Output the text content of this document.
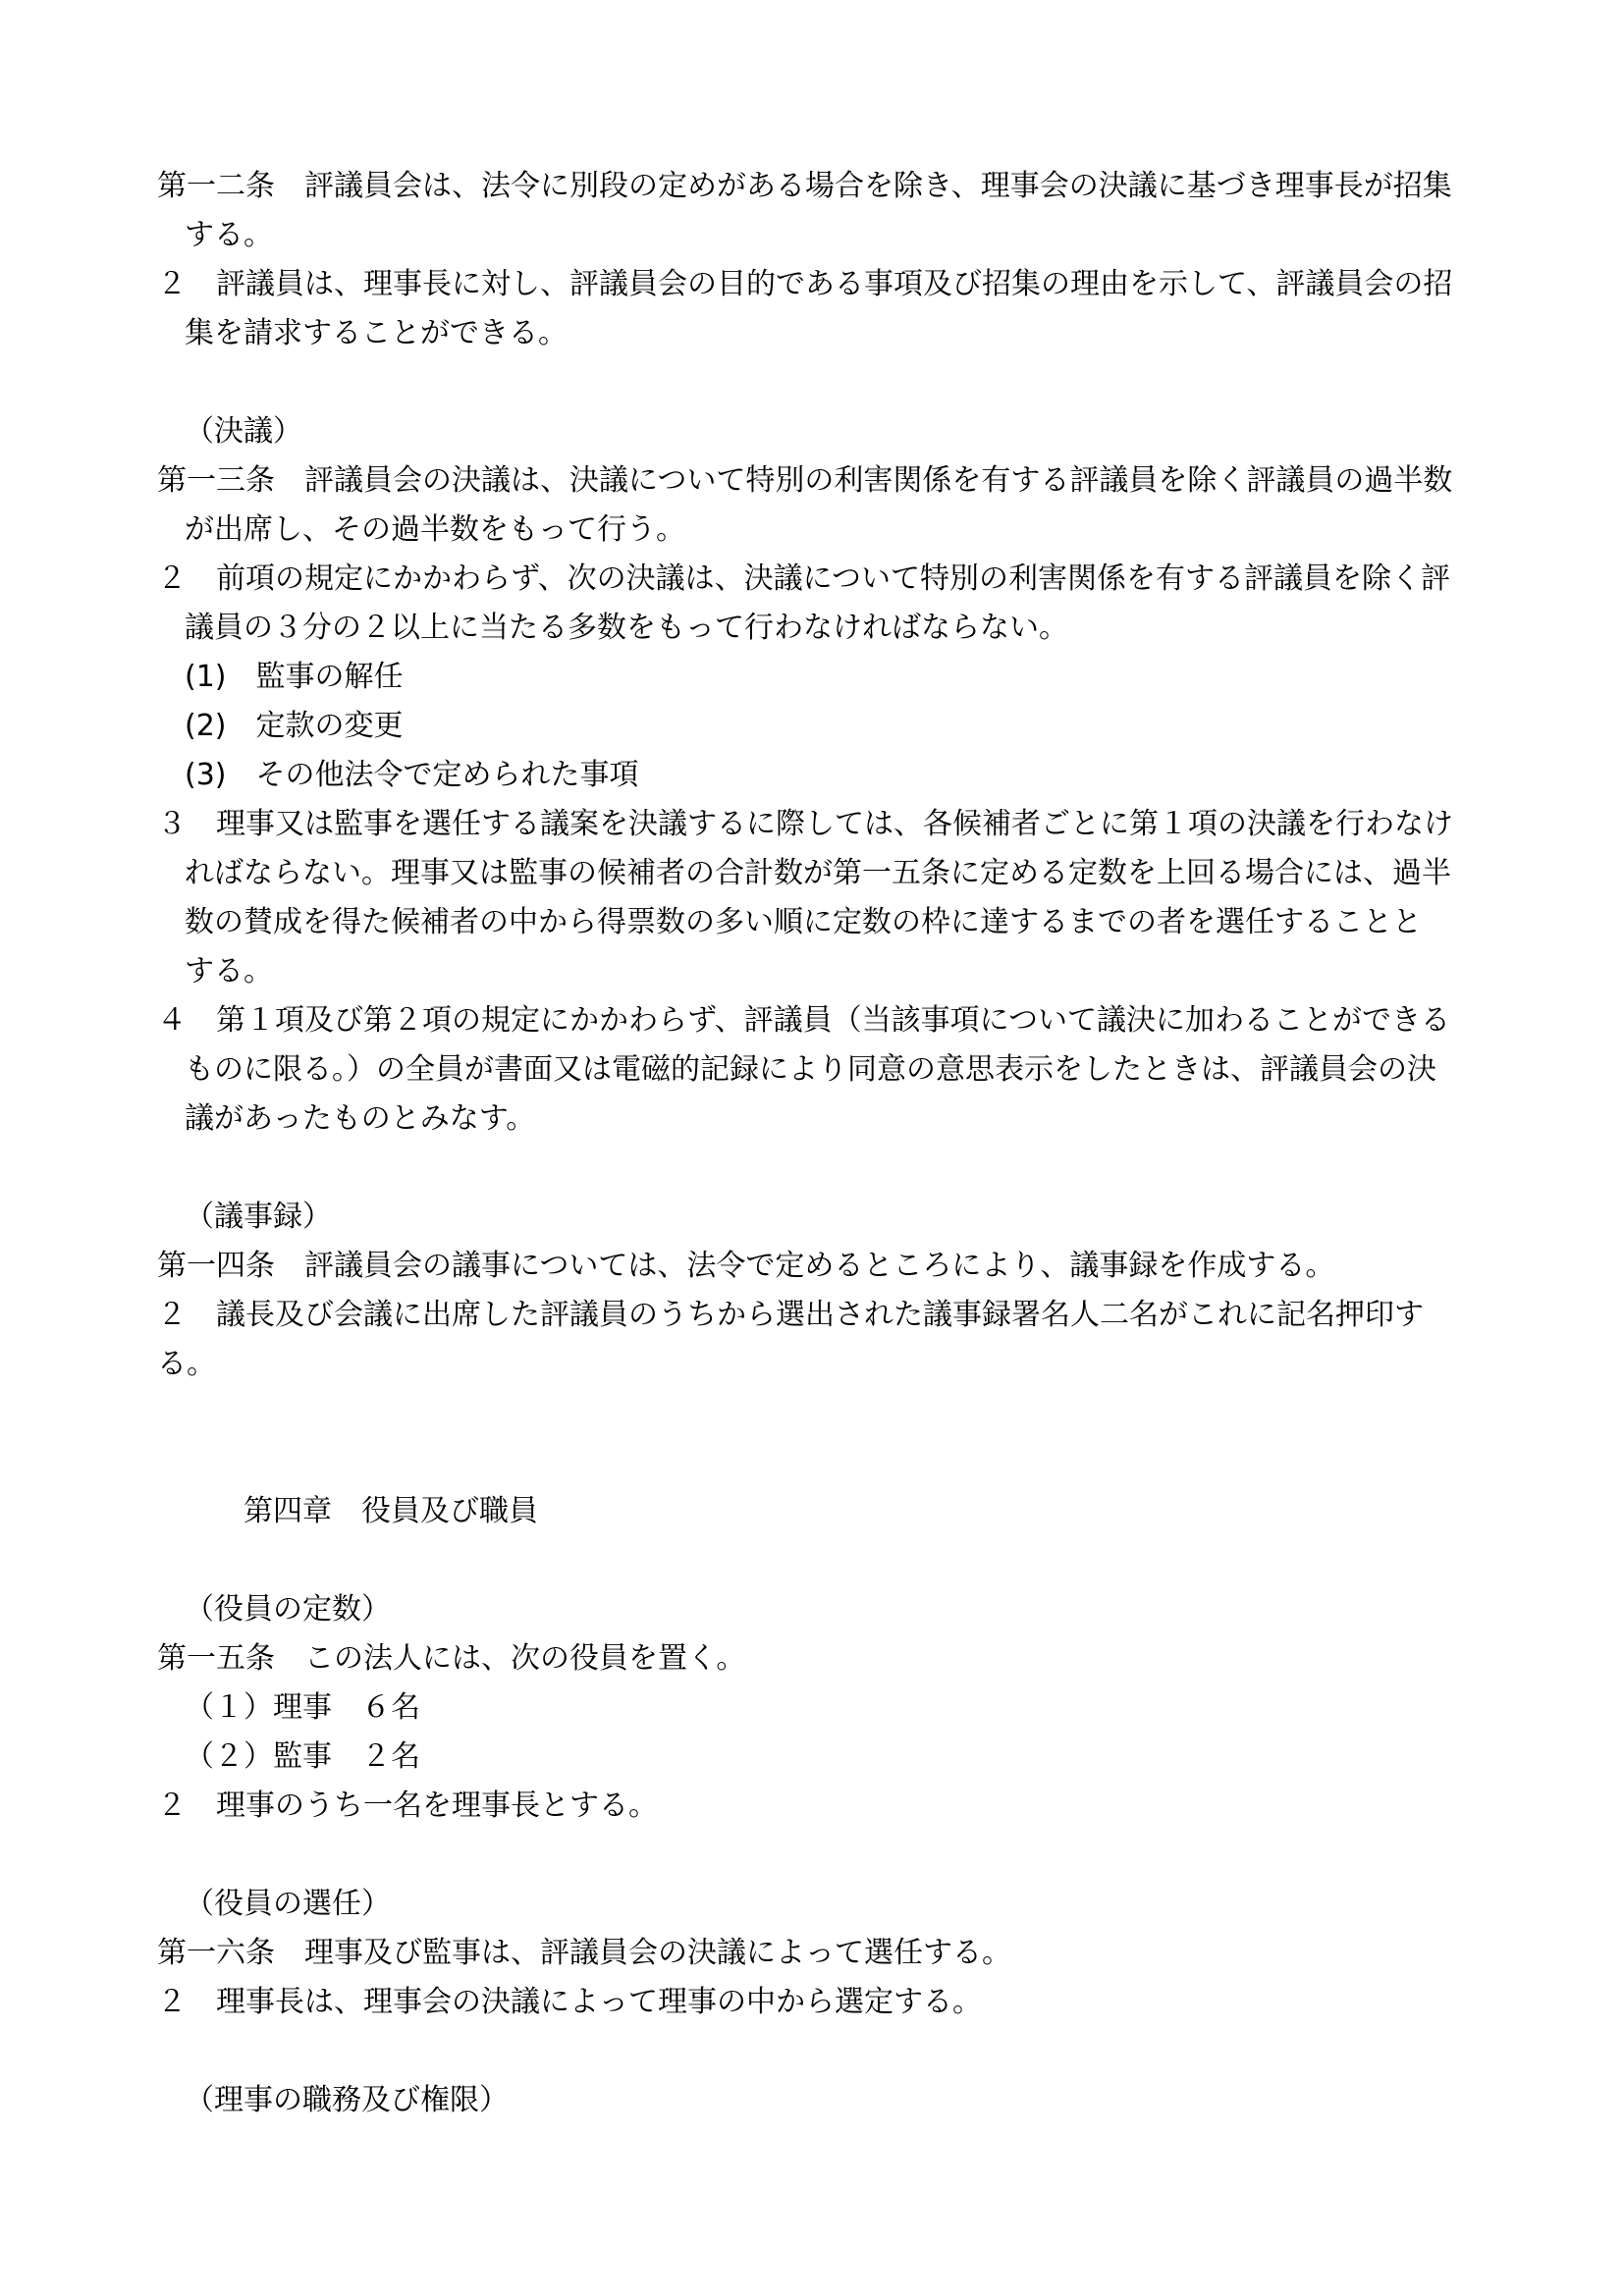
第一二条　評議員会は、法令に別段の定めがある場合を除き、理事会の決議に基づき理事長が招集
する。
２　評議員は、理事長に対し、評議員会の目的である事項及び招集の理由を示して、評議員会の招
集を請求することができる。
（決議）
第一三条　評議員会の決議は、決議について特別の利害関係を有する評議員を除く評議員の過半数
が出席し、その過半数をもって行う。
２　前項の規定にかかわらず、次の決議は、決議について特別の利害関係を有する評議員を除く評
議員の３分の２以上に当たる多数をもって行わなければならない。
(1)　監事の解任
(2)　定款の変更
(3)　その他法令で定められた事項
３　理事又は監事を選任する議案を決議するに際しては、各候補者ごとに第１項の決議を行わなけ
ればならない。理事又は監事の候補者の合計数が第一五条に定める定数を上回る場合には、過半
数の賛成を得た候補者の中から得票数の多い順に定数の枠に達するまでの者を選任することと
する。
４　第１項及び第２項の規定にかかわらず、評議員（当該事項について議決に加わることができる
ものに限る。）の全員が書面又は電磁的記録により同意の意思表示をしたときは、評議員会の決
議があったものとみなす。
（議事録）
第一四条　評議員会の議事については、法令で定めるところにより、議事録を作成する。
２　議長及び会議に出席した評議員のうちから選出された議事録署名人二名がこれに記名押印す
る。
第四章　役員及び職員
（役員の定数）
第一五条　この法人には、次の役員を置く。
（１）理事　６名
（２）監事　２名
２　理事のうち一名を理事長とする。
（役員の選任）
第一六条　理事及び監事は、評議員会の決議によって選任する。
２　理事長は、理事会の決議によって理事の中から選定する。
（理事の職務及び権限）
